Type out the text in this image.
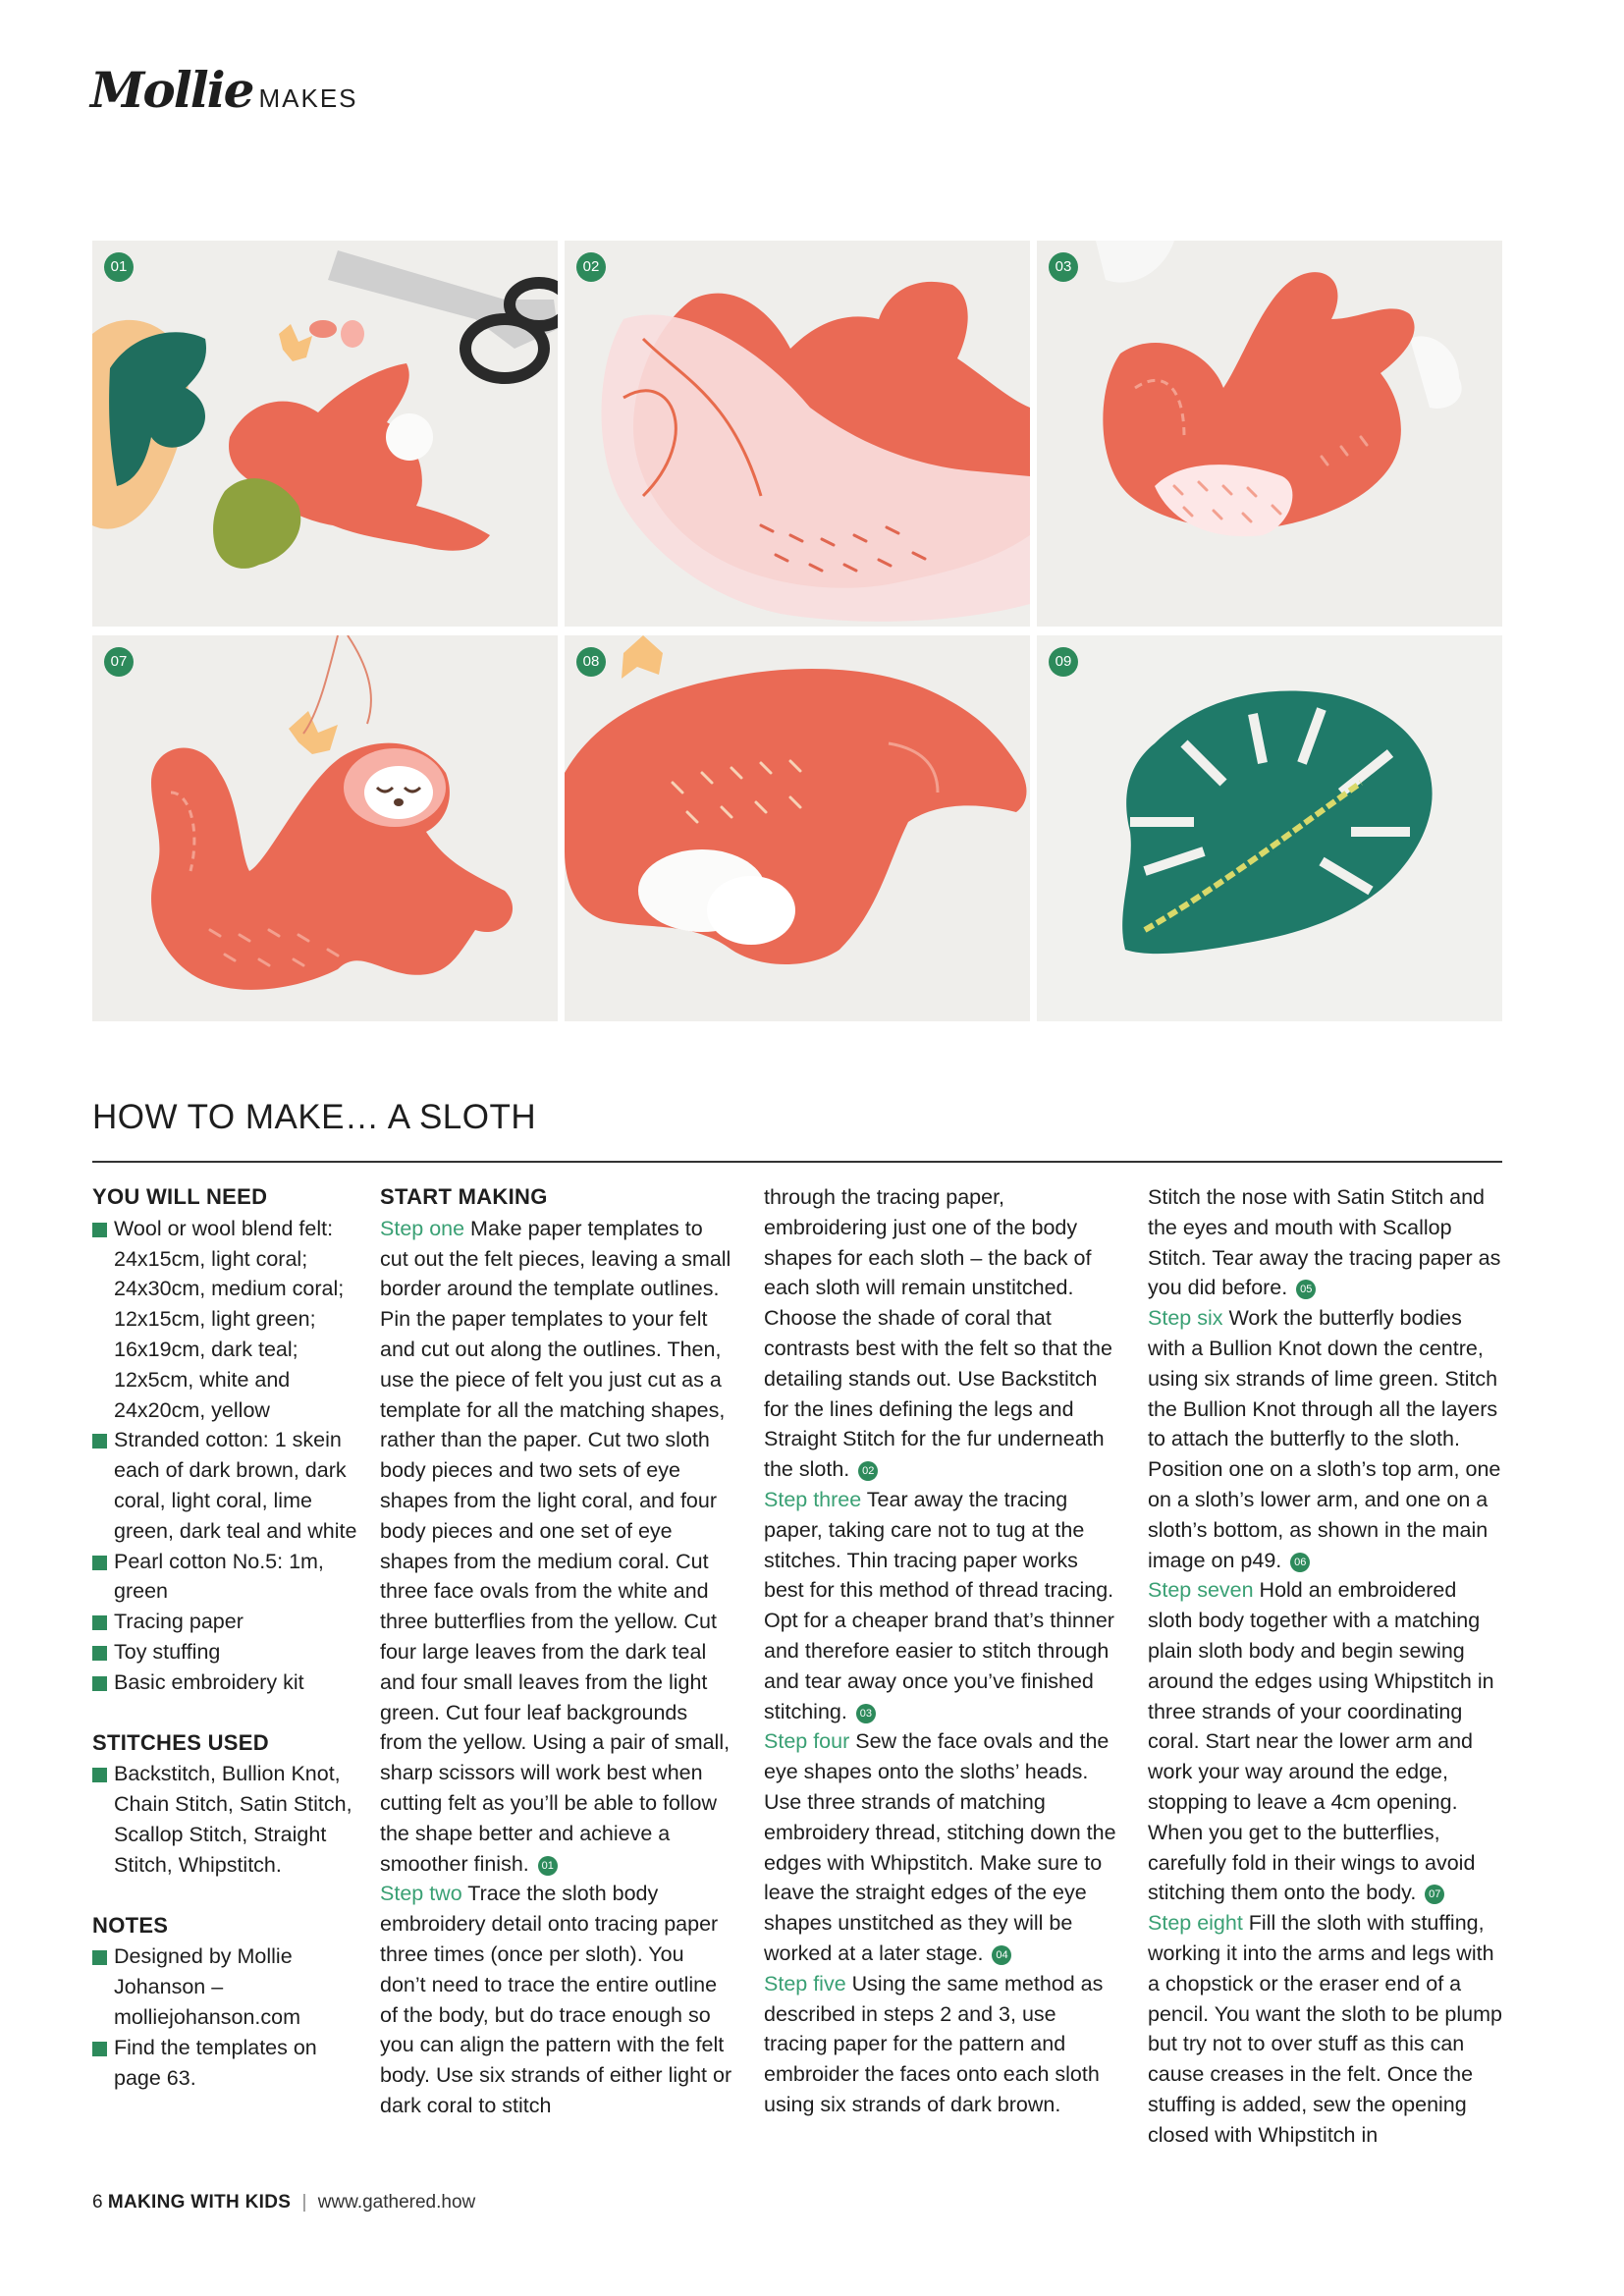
Mollie MAKES
01	02	03
07	08	09
HOW TO MAKE… A SLOTH
YOU WILL NEED
Wool or wool blend felt: 24x15cm, light coral; 24x30cm, medium coral; 12x15cm, light green; 16x19cm, dark teal; 12x5cm, white and 24x20cm, yellow
Stranded cotton: 1 skein each of dark brown, dark coral, light coral, lime green, dark teal and white
Pearl cotton No.5: 1m, green
Tracing paper
Toy stuffing
Basic embroidery kit
STITCHES USED
Backstitch, Bullion Knot, Chain Stitch, Satin Stitch, Scallop Stitch, Straight Stitch, Whipstitch.
NOTES
Designed by Mollie Johanson – molliejohanson.com
Find the templates on page 63.
START MAKING

Step one Make paper templates to cut out the felt pieces, leaving a small border around the template outlines. Pin the paper templates to your felt and cut out along the outlines. Then, use the piece of felt you just cut as a template for all the matching shapes, rather than the paper. Cut two sloth body pieces and two sets of eye shapes from the light coral, and four body pieces and one set of eye shapes from the medium coral. Cut three face ovals from the white and three butterflies from the yellow. Cut four large leaves from the dark teal and four small leaves from the light green. Cut four leaf backgrounds from the yellow. Using a pair of small, sharp scissors will work best when cutting felt as you’ll be able to follow the shape better and achieve a smoother finish. 01

Step two Trace the sloth body embroidery detail onto tracing paper three times (once per sloth). You don’t need to trace the entire outline of the body, but do trace enough so you can align the pattern with the felt body. Use six strands of either light or dark coral to stitch

through the tracing paper, embroidering just one of the body shapes for each sloth – the back of each sloth will remain unstitched. Choose the shade of coral that contrasts best with the felt so that the detailing stands out. Use Backstitch for the lines defining the legs and Straight Stitch for the fur underneath the sloth. 02

Step three Tear away the tracing paper, taking care not to tug at the stitches. Thin tracing paper works best for this method of thread tracing. Opt for a cheaper brand that’s thinner and therefore easier to stitch through and tear away once you’ve finished stitching. 03

Step four Sew the face ovals and the eye shapes onto the sloths’ heads. Use three strands of matching embroidery thread, stitching down the edges with Whipstitch. Make sure to leave the straight edges of the eye shapes unstitched as they will be worked at a later stage. 04

Step five Using the same method as described in steps 2 and 3, use tracing paper for the pattern and embroider the faces onto each sloth using six strands of dark brown.

Stitch the nose with Satin Stitch and the eyes and mouth with Scallop Stitch. Tear away the tracing paper as you did before. 05

Step six Work the butterfly bodies with a Bullion Knot down the centre, using six strands of lime green. Stitch the Bullion Knot through all the layers to attach the butterfly to the sloth. Position one on a sloth’s top arm, one on a sloth’s lower arm, and one on a sloth’s bottom, as shown in the main image on p49. 06

Step seven Hold an embroidered sloth body together with a matching plain sloth body and begin sewing around the edges using Whipstitch in three strands of your coordinating coral. Start near the lower arm and work your way around the edge, stopping to leave a 4cm opening. When you get to the butterflies, carefully fold in their wings to avoid stitching them onto the body. 07

Step eight Fill the sloth with stuffing, working it into the arms and legs with a chopstick or the eraser end of a pencil. You want the sloth to be plump but try not to over stuff as this can cause creases in the felt. Once the stuffing is added, sew the opening closed with Whipstitch in

6 MAKING WITH KIDS | www.gathered.how
